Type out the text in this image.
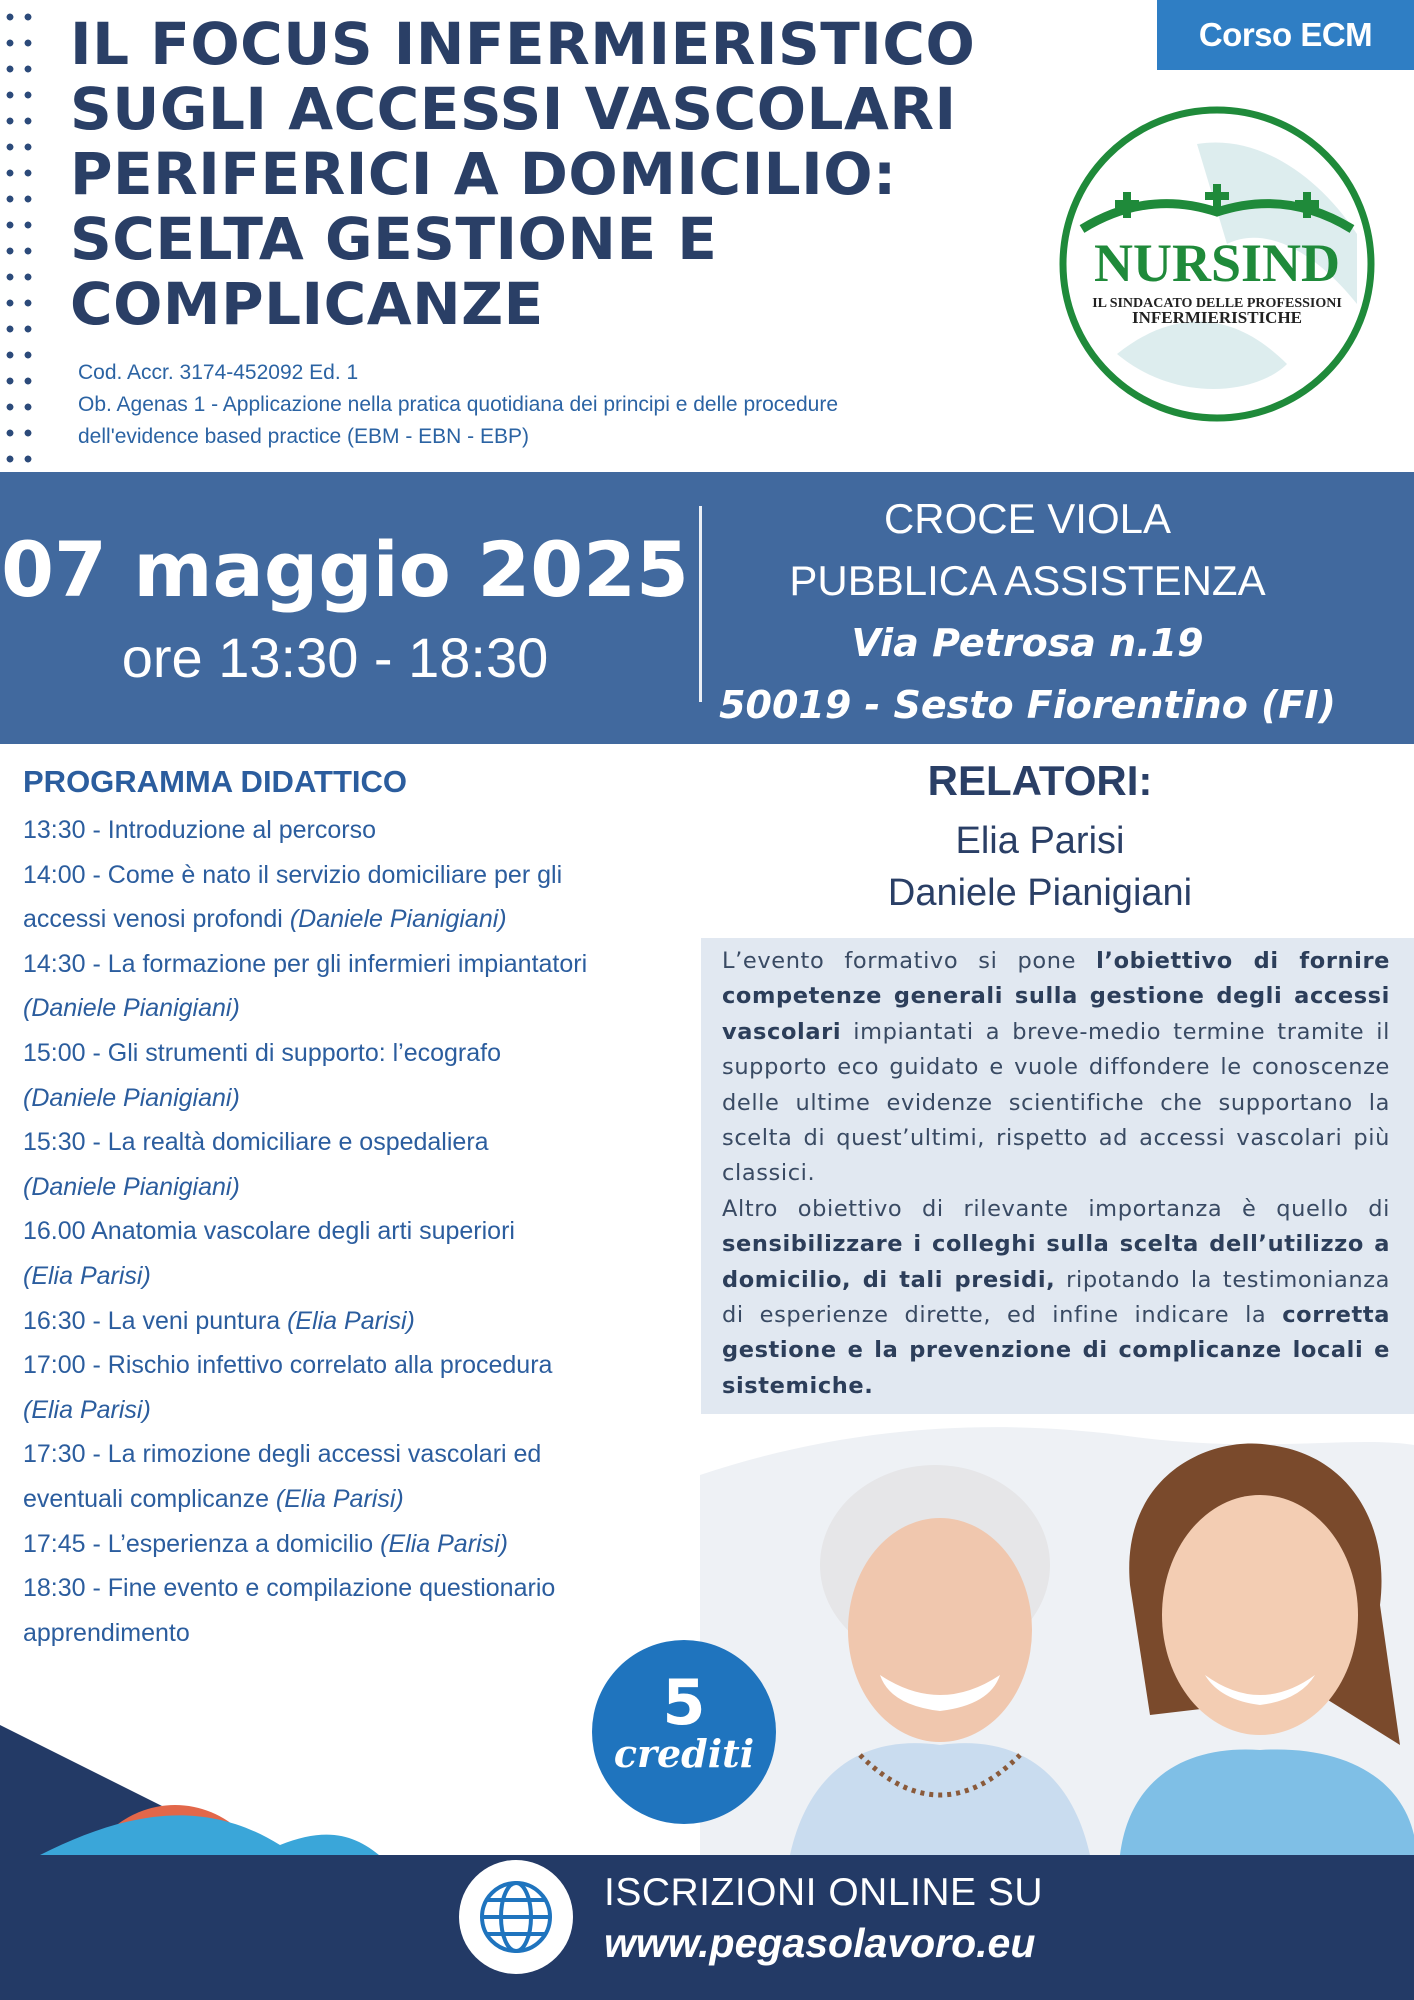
IL FOCUS INFERMIERISTICO
SUGLI ACCESSI VASCOLARI
PERIFERICI A DOMICILIO:
SCELTA GESTIONE E
COMPLICANZE
Cod. Accr. 3174-452092 Ed. 1
Ob. Agenas 1 - Applicazione nella pratica quotidiana dei principi e delle procedure
dell'evidence based practice (EBM - EBN - EBP)
Corso ECM
NURSIND
IL SINDACATO DELLE PROFESSIONI
INFERMIERISTICHE
07 maggio 2025
ore 13:30 - 18:30
CROCE VIOLA
PUBBLICA ASSISTENZA
Via Petrosa n.19
50019 - Sesto Fiorentino (FI)
PROGRAMMA DIDATTICO
13:30 - Introduzione al percorso
14:00 - Come è nato il servizio domiciliare per gli
accessi venosi profondi (Daniele Pianigiani)
14:30 - La formazione per gli infermieri impiantatori
(Daniele Pianigiani)
15:00 - Gli strumenti di supporto: l’ecografo
(Daniele Pianigiani)
15:30 - La realtà domiciliare e ospedaliera
(Daniele Pianigiani)
16.00 Anatomia vascolare degli arti superiori
(Elia Parisi)
16:30 - La veni puntura (Elia Parisi)
17:00 - Rischio infettivo correlato alla procedura
(Elia Parisi)
17:30 - La rimozione degli accessi vascolari ed
eventuali complicanze (Elia Parisi)
17:45 - L’esperienza a domicilio (Elia Parisi)
18:30 - Fine evento e compilazione questionario
apprendimento
RELATORI:
Elia Parisi
Daniele Pianigiani

L’evento formativo si pone l’obiettivo di fornire competenze generali sulla gestione degli accessi vascolari impiantati a breve-medio termine tramite il supporto eco guidato e vuole diffondere le conoscenze delle ultime evidenze scientifiche che supportano la scelta di quest’ultimi, rispetto ad accessi vascolari più classici.

Altro obiettivo di rilevante importanza è quello di sensibilizzare i colleghi sulla scelta dell’utilizzo a domicilio, di tali presidi, ripotando la testimonianza di esperienze dirette, ed infine indicare la corretta gestione e la prevenzione di complicanze locali e sistemiche.

5
crediti
ISCRIZIONI ONLINE SU
www.pegasolavoro.eu
